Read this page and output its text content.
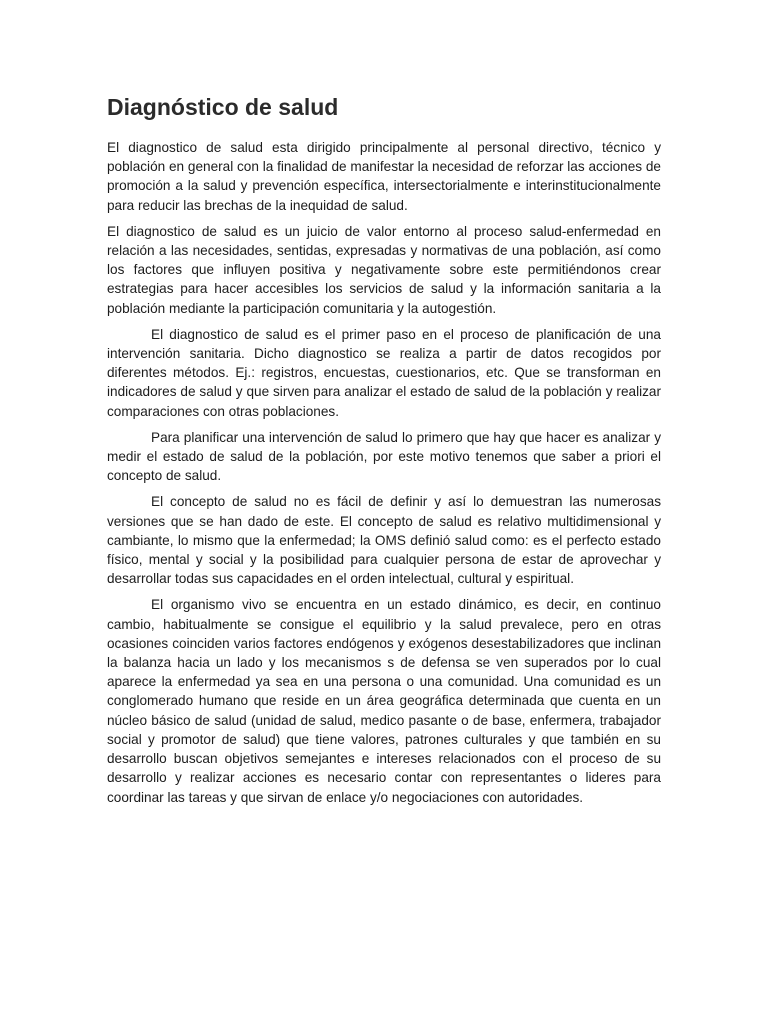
Diagnóstico de salud

El diagnostico de salud esta dirigido principalmente al personal directivo, técnico y población en general con la finalidad de manifestar la necesidad de reforzar las acciones de promoción a la salud y prevención específica, intersectorialmente e interinstitucionalmente para reducir las brechas de la inequidad de salud.

El diagnostico de salud es un juicio de valor entorno al proceso salud-enfermedad en relación a las necesidades, sentidas, expresadas y normativas de una población, así como los factores que influyen positiva y negativamente sobre este permitiéndonos crear estrategias para hacer accesibles los servicios de salud y la información sanitaria a la población mediante la participación comunitaria y la autogestión.

El diagnostico de salud es el primer paso en el proceso de planificación de una intervención sanitaria. Dicho diagnostico se realiza a partir de datos recogidos por diferentes métodos. Ej.: registros, encuestas, cuestionarios, etc. Que se transforman en indicadores de salud y que sirven para analizar el estado de salud de la población y realizar comparaciones con otras poblaciones.

Para planificar una intervención de salud lo primero que hay que hacer es analizar y medir el estado de salud de la población, por este motivo tenemos que saber a priori el concepto de salud.

El concepto de salud no es fácil de definir y así lo demuestran las numerosas versiones que se han dado de este. El concepto de salud es relativo multidimensional y cambiante, lo mismo que la enfermedad; la OMS definió salud como: es el perfecto estado físico, mental y social y la posibilidad para cualquier persona de estar de aprovechar y desarrollar todas sus capacidades en el orden intelectual, cultural y espiritual.

El organismo vivo se encuentra en un estado dinámico, es decir, en continuo cambio, habitualmente se consigue el equilibrio y la salud prevalece, pero en otras ocasiones coinciden varios factores endógenos y exógenos desestabilizadores que inclinan la balanza hacia un lado y los mecanismos s de defensa se ven superados por lo cual aparece la enfermedad ya sea en una persona o una comunidad. Una comunidad es un conglomerado humano que reside en un área geográfica determinada que cuenta en un núcleo básico de salud (unidad de salud, medico pasante o de base, enfermera, trabajador social y promotor de salud) que tiene valores, patrones culturales y que también en su desarrollo buscan objetivos semejantes e intereses relacionados con el proceso de su desarrollo y realizar acciones es necesario contar con representantes o lideres para coordinar las tareas y que sirvan de enlace y/o negociaciones con autoridades.
